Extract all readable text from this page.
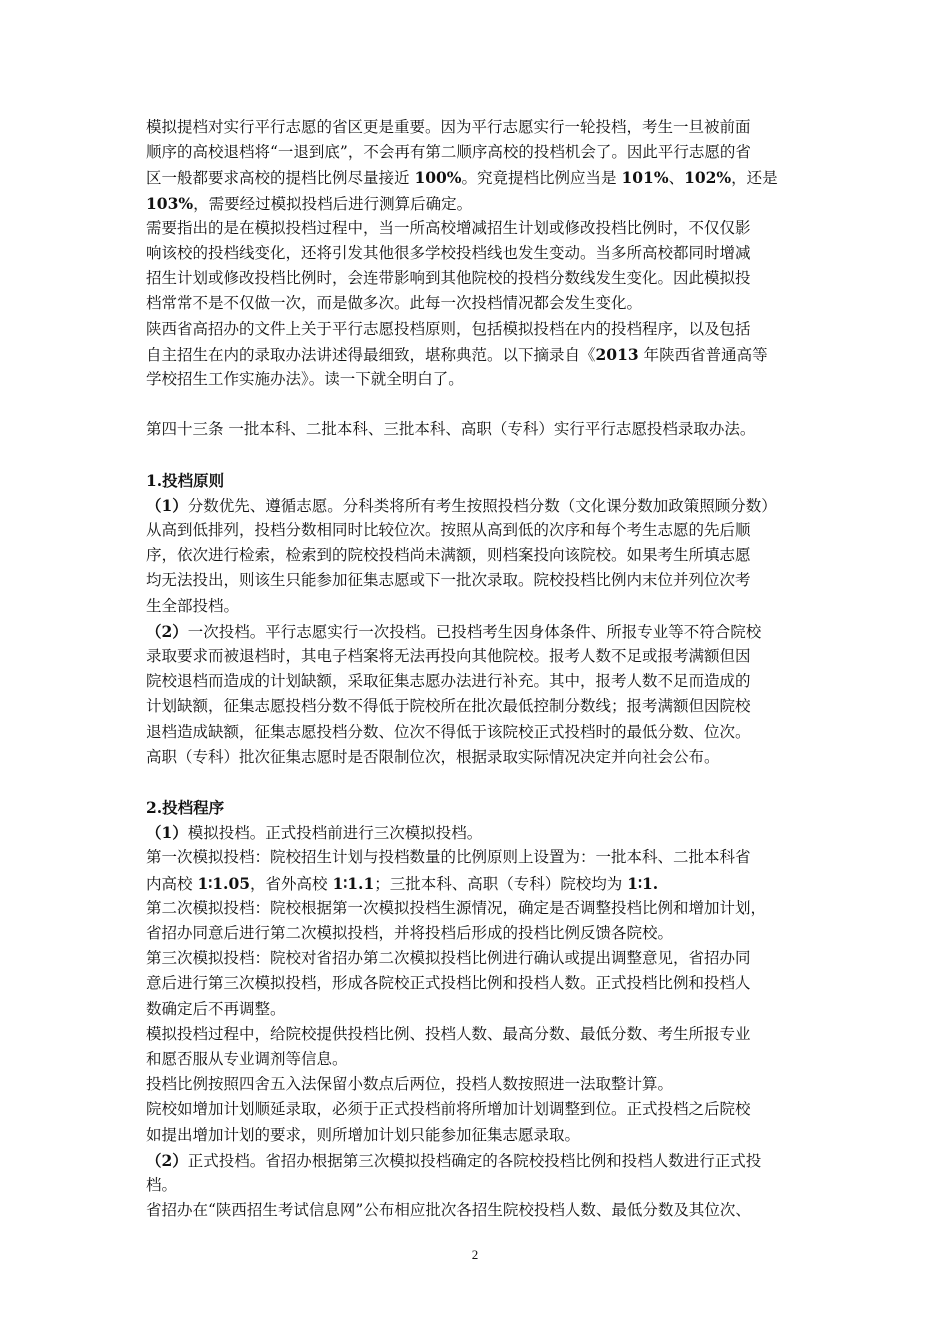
模拟提档对实行平行志愿的省区更是重要。因为平行志愿实行一轮投档，考生一旦被前面
顺序的高校退档将“一退到底”，不会再有第二顺序高校的投档机会了。因此平行志愿的省
区一般都要求高校的提档比例尽量接近 100%。究竟提档比例应当是 101%、102%，还是
103%，需要经过模拟投档后进行测算后确定。
需要指出的是在模拟投档过程中，当一所高校增减招生计划或修改投档比例时，不仅仅影
响该校的投档线变化，还将引发其他很多学校投档线也发生变动。当多所高校都同时增减
招生计划或修改投档比例时，会连带影响到其他院校的投档分数线发生变化。因此模拟投
档常常不是不仅做一次，而是做多次。此每一次投档情况都会发生变化。
陕西省高招办的文件上关于平行志愿投档原则，包括模拟投档在内的投档程序，以及包括
自主招生在内的录取办法讲述得最细致，堪称典范。以下摘录自《2013 年陕西省普通高等
学校招生工作实施办法》。读一下就全明白了。
第四十三条 一批本科、二批本科、三批本科、高职（专科）实行平行志愿投档录取办法。
1.投档原则
（1）分数优先、遵循志愿。分科类将所有考生按照投档分数（文化课分数加政策照顾分数）
从高到低排列，投档分数相同时比较位次。按照从高到低的次序和每个考生志愿的先后顺
序，依次进行检索，检索到的院校投档尚未满额，则档案投向该院校。如果考生所填志愿
均无法投出，则该生只能参加征集志愿或下一批次录取。院校投档比例内末位并列位次考
生全部投档。
（2）一次投档。平行志愿实行一次投档。已投档考生因身体条件、所报专业等不符合院校
录取要求而被退档时，其电子档案将无法再投向其他院校。报考人数不足或报考满额但因
院校退档而造成的计划缺额，采取征集志愿办法进行补充。其中，报考人数不足而造成的
计划缺额，征集志愿投档分数不得低于院校所在批次最低控制分数线；报考满额但因院校
退档造成缺额，征集志愿投档分数、位次不得低于该院校正式投档时的最低分数、位次。
高职（专科）批次征集志愿时是否限制位次，根据录取实际情况决定并向社会公布。
2.投档程序
（1）模拟投档。正式投档前进行三次模拟投档。
第一次模拟投档：院校招生计划与投档数量的比例原则上设置为：一批本科、二批本科省
内高校 1∶1.05，省外高校 1∶1.1；三批本科、高职（专科）院校均为 1∶1.
第二次模拟投档：院校根据第一次模拟投档生源情况，确定是否调整投档比例和增加计划，
省招办同意后进行第二次模拟投档，并将投档后形成的投档比例反馈各院校。
第三次模拟投档：院校对省招办第二次模拟投档比例进行确认或提出调整意见，省招办同
意后进行第三次模拟投档，形成各院校正式投档比例和投档人数。正式投档比例和投档人
数确定后不再调整。
模拟投档过程中，给院校提供投档比例、投档人数、最高分数、最低分数、考生所报专业
和愿否服从专业调剂等信息。
投档比例按照四舍五入法保留小数点后两位，投档人数按照进一法取整计算。
院校如增加计划顺延录取，必须于正式投档前将所增加计划调整到位。正式投档之后院校
如提出增加计划的要求，则所增加计划只能参加征集志愿录取。
（2）正式投档。省招办根据第三次模拟投档确定的各院校投档比例和投档人数进行正式投
档。
省招办在“陕西招生考试信息网”公布相应批次各招生院校投档人数、最低分数及其位次、
2
